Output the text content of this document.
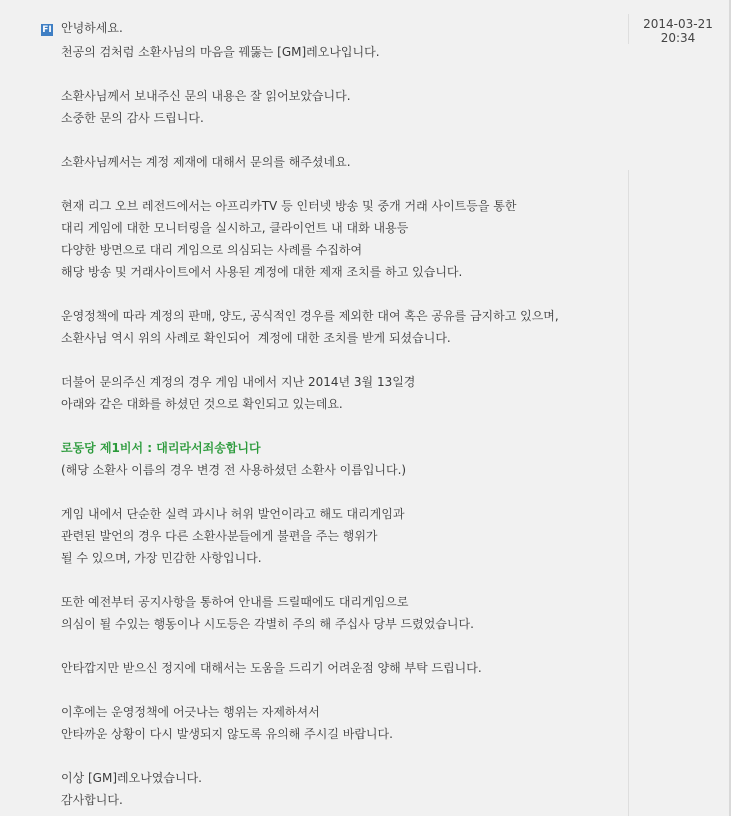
FI 안녕하세요.	2014-03-21
20:34
천공의 검처럼 소환사님의 마음을 꿰뚫는 [GM]레오나입니다.
소환사님께서 보내주신 문의 내용은 잘 읽어보았습니다.
소중한 문의 감사 드립니다.
소환사님께서는 계정 제재에 대해서 문의를 해주셨네요.
현재 리그 오브 레전드에서는 아프리카TV 등 인터넷 방송 및 중개 거래 사이트등을 통한
대리 게임에 대한 모니터링을 실시하고, 클라이언트 내 대화 내용등
다양한 방면으로 대리 게임으로 의심되는 사례를 수집하여
해당 방송 및 거래사이트에서 사용된 계정에 대한 제재 조치를 하고 있습니다.
운영정책에 따라 계정의 판매, 양도, 공식적인 경우를 제외한 대여 혹은 공유를 금지하고 있으며,
소환사님 역시 위의 사례로 확인되어  계정에 대한 조치를 받게 되셨습니다.
더불어 문의주신 계정의 경우 게임 내에서 지난 2014년 3월 13일경
아래와 같은 대화를 하셨던 것으로 확인되고 있는데요.
로동당 제1비서 : 대리라서죄송합니다
(해당 소환사 이름의 경우 변경 전 사용하셨던 소환사 이름입니다.)
게임 내에서 단순한 실력 과시나 허위 발언이라고 해도 대리게임과
관련된 발언의 경우 다른 소환사분들에게 불편을 주는 행위가
될 수 있으며, 가장 민감한 사항입니다.
또한 예전부터 공지사항을 통하여 안내를 드릴때에도 대리게임으로
의심이 될 수있는 행동이나 시도등은 각별히 주의 해 주십사 당부 드렸었습니다.
안타깝지만 받으신 정지에 대해서는 도움을 드리기 어려운점 양해 부탁 드립니다.
이후에는 운영정책에 어긋나는 행위는 자제하셔서
안타까운 상황이 다시 발생되지 않도록 유의해 주시길 바랍니다.
이상 [GM]레오나였습니다.
감사합니다.
